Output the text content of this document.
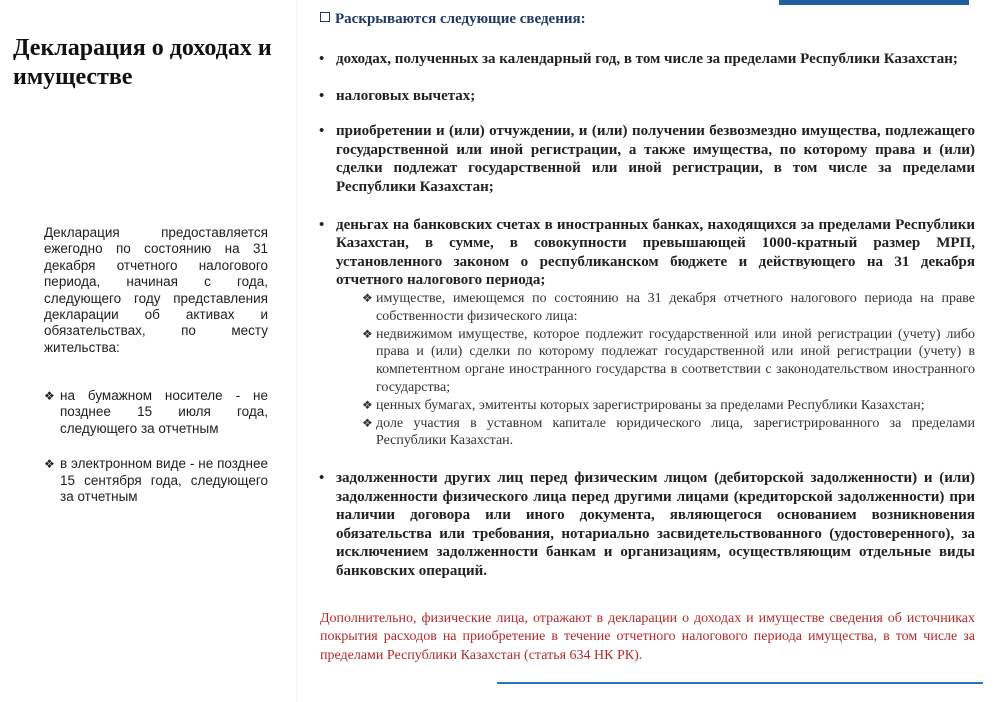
Декларация о доходах и имуществе
Декларация предоставляется ежегодно по состоянию на 31 декабря отчетного налогового периода, начиная с года, следующего году представления декларации об активах и обязательствах, по месту жительства:
❖ на бумажном носителе - не позднее 15 июля года, следующего за отчетным
❖ в электронном виде - не позднее 15 сентября года, следующего за отчетным
Раскрываются следующие сведения:
• доходах, полученных за календарный год, в том числе за пределами Республики Казахстан;
• налоговых вычетах;
• приобретении и (или) отчуждении, и (или) получении безвозмездно имущества, подлежащего государственной или иной регистрации, а также имущества, по которому права и (или) сделки подлежат государственной или иной регистрации, в том числе за пределами Республики Казахстан;
• деньгах на банковских счетах в иностранных банках, находящихся за пределами Республики Казахстан, в сумме, в совокупности превышающей 1000-кратный размер МРП, установленного законом о республиканском бюджете и действующего на 31 декабря отчетного налогового периода;
❖ имуществе, имеющемся по состоянию на 31 декабря отчетного налогового периода на праве собственности физического лица:
❖ недвижимом имуществе, которое подлежит государственной или иной регистрации (учету) либо права и (или) сделки по которому подлежат государственной или иной регистрации (учету) в компетентном органе иностранного государства в соответствии с законодательством иностранного государства;
❖ ценных бумагах, эмитенты которых зарегистрированы за пределами Республики Казахстан;
❖ доле участия в уставном капитале юридического лица, зарегистрированного за пределами Республики Казахстан.
• задолженности других лиц перед физическим лицом (дебиторской задолженности) и (или) задолженности физического лица перед другими лицами (кредиторской задолженности) при наличии договора или иного документа, являющегося основанием возникновения обязательства или требования, нотариально засвидетельствованного (удостоверенного), за исключением задолженности банкам и организациям, осуществляющим отдельные виды банковских операций.

Дополнительно, физические лица, отражают в декларации о доходах и имуществе сведения об источниках покрытия расходов на приобретение в течение отчетного налогового периода имущества, в том числе за пределами Республики Казахстан (статья 634 НК РК).
